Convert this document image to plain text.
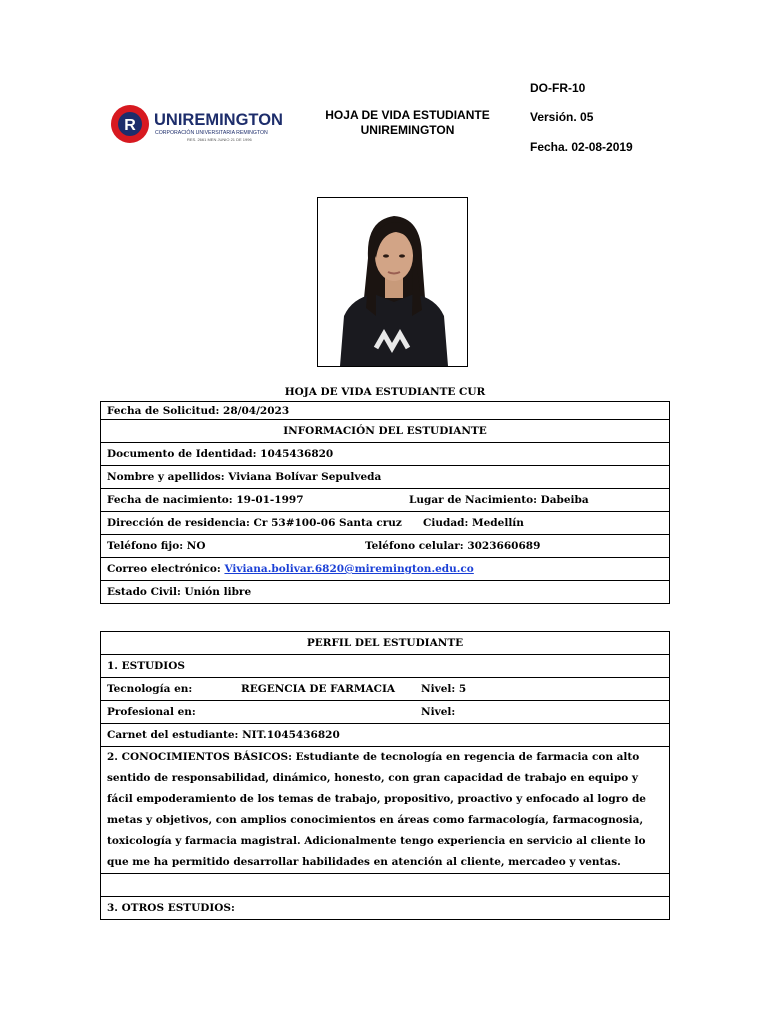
R UNIREMINGTON
CORPORACIÓN UNIVERSITARIA REMINGTON
RES. 2661 MEN JUNIO 21 DE 1996
HOJA DE VIDA ESTUDIANTE
UNIREMINGTON
DO-FR-10
Versión. 05
Fecha. 02-08-2019
HOJA DE VIDA ESTUDIANTE CUR
Fecha de Solicitud: 28/04/2023
INFORMACIÓN DEL ESTUDIANTE
Documento de Identidad: 1045436820
Nombre y apellidos: Viviana Bolívar Sepulveda

Fecha de nacimiento: 19-01-1997	Lugar de Nacimiento: Dabeiba

Dirección de residencia: Cr 53#100-06 Santa cruz Ciudad: Medellín

Teléfono fijo: NO	Teléfono celular: 3023660689

Correo electrónico: Viviana.bolivar.6820@miremington.edu.co
Estado Civil: Unión libre
PERFIL DEL ESTUDIANTE
1. ESTUDIOS

Tecnología en:	REGENCIA DE FARMACIA Nivel: 5

Profesional en:	Nivel:

Carnet del estudiante: NIT.1045436820

2. CONOCIMIENTOS BÁSICOS: Estudiante de tecnología en regencia de farmacia con alto
sentido de responsabilidad, dinámico, honesto, con gran capacidad de trabajo en equipo y
fácil empoderamiento de los temas de trabajo, propositivo, proactivo y enfocado al logro de
metas y objetivos, con amplios conocimientos en áreas como farmacología, farmacognosia,
toxicología y farmacia magistral. Adicionalmente tengo experiencia en servicio al cliente lo
que me ha permitido desarrollar habilidades en atención al cliente, mercadeo y ventas.

3. OTROS ESTUDIOS:
